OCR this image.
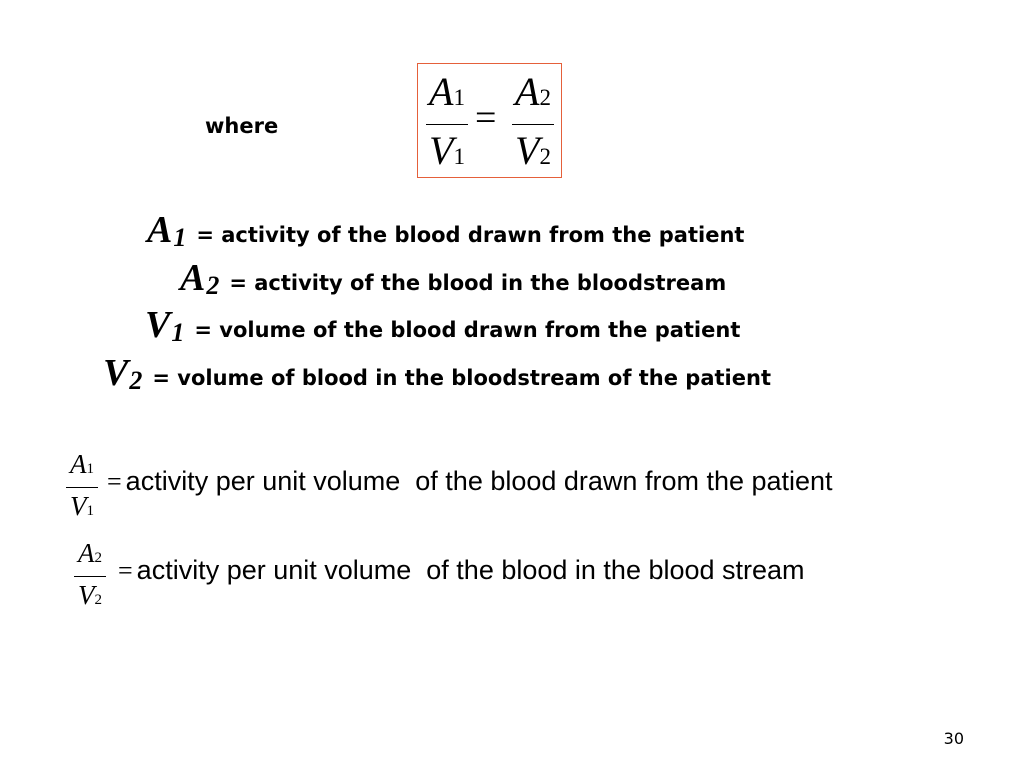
where
A 1
V 1
=
A 2
V 2
A 1 = activity of the blood drawn from the patient
A 2 = activity of the blood in the bloodstream
V 1 = volume of the blood drawn from the patient
V 2 = volume of blood in the bloodstream of the patient
A 1
V 1
= activity per unit volume  of the blood drawn from the patient
A 2
V 2
= activity per unit volume  of the blood in the blood stream
30
